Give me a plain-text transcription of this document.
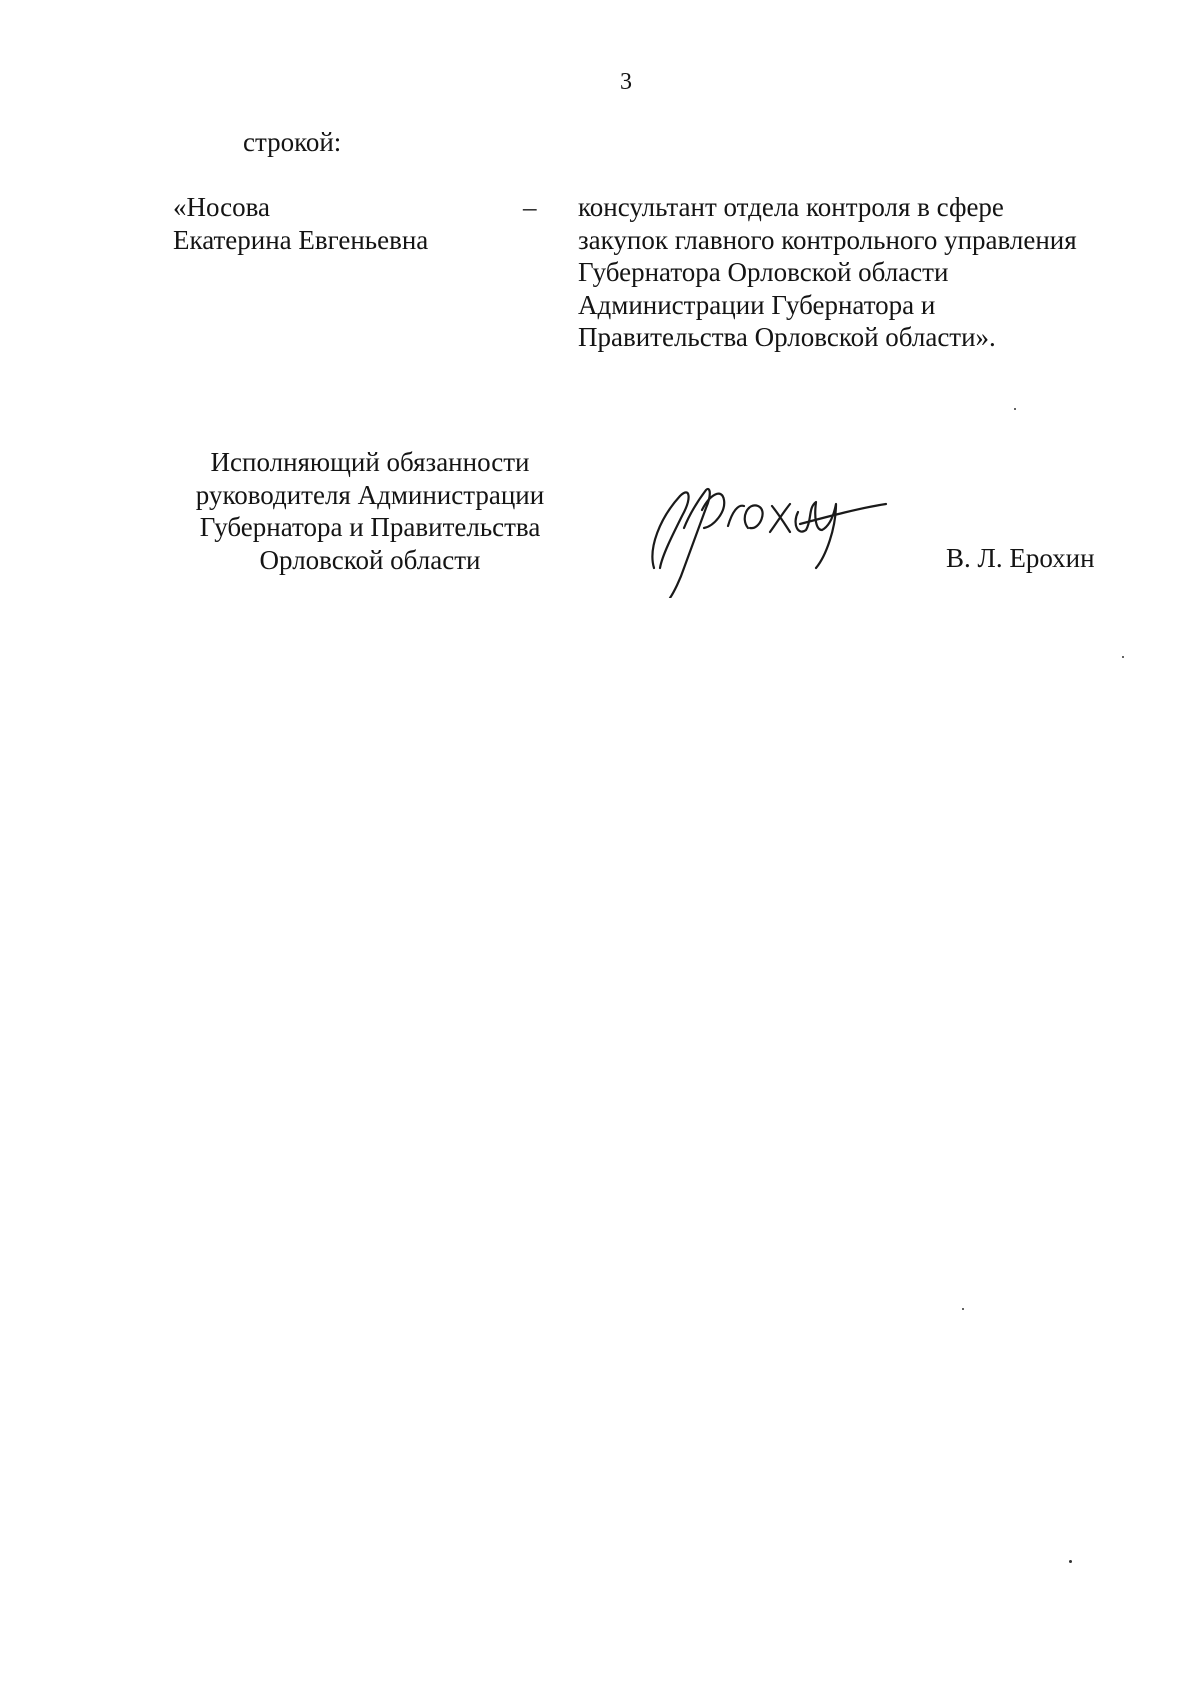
3
строкой:
«Носова
Екатерина Евгеньевна
– консультант отдела контроля в сфере
закупок главного контрольного управления
Губернатора Орловской области
Администрации Губернатора и
Правительства Орловской области».
Исполняющий обязанности
руководителя Администрации
Губернатора и Правительства
Орловской области	В. Л. Ерохин
